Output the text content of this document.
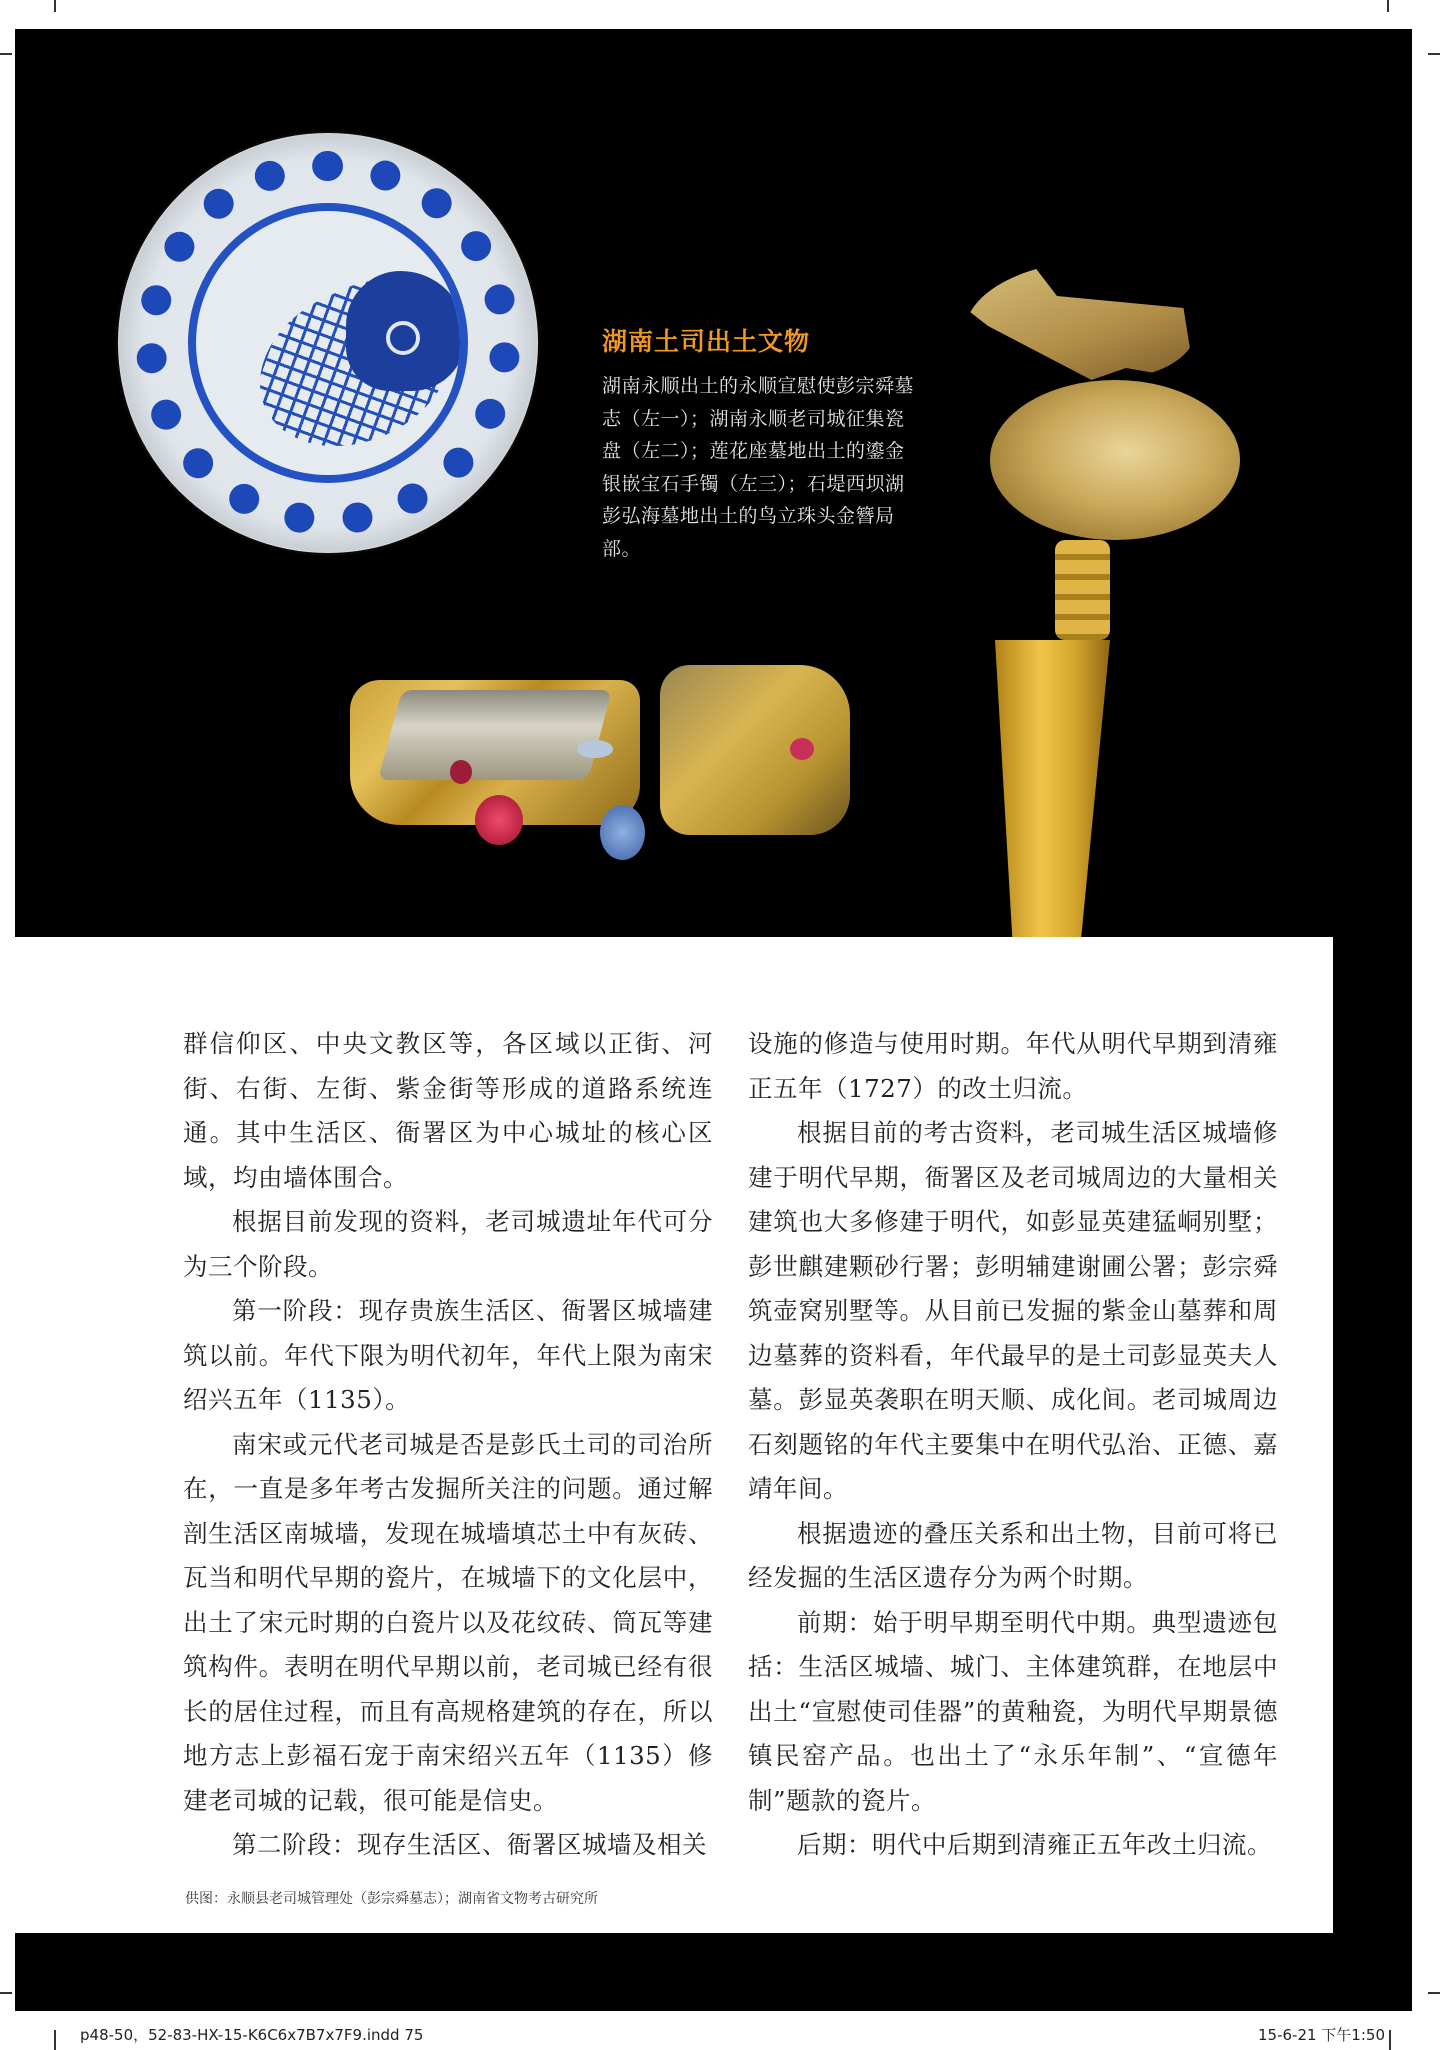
湖南土司出土文物
湖南永顺出土的永顺宣慰使彭宗舜墓志（左一）；湖南永顺老司城征集瓷盘（左二）；莲花座墓地出土的鎏金银嵌宝石手镯（左三）；石堤西坝湖彭弘海墓地出土的鸟立珠头金簪局部。

群信仰区、中央文教区等，各区域以正街、河街、右街、左街、紫金街等形成的道路系统连通。其中生活区、衙署区为中心城址的核心区域，均由墙体围合。

根据目前发现的资料，老司城遗址年代可分为三个阶段。

第一阶段：现存贵族生活区、衙署区城墙建筑以前。年代下限为明代初年，年代上限为南宋绍兴五年（1135）。

南宋或元代老司城是否是彭氏土司的司治所在，一直是多年考古发掘所关注的问题。通过解剖生活区南城墙，发现在城墙填芯土中有灰砖、瓦当和明代早期的瓷片，在城墙下的文化层中，出土了宋元时期的白瓷片以及花纹砖、筒瓦等建筑构件。表明在明代早期以前，老司城已经有很长的居住过程，而且有高规格建筑的存在，所以地方志上彭福石宠于南宋绍兴五年（1135）修建老司城的记载，很可能是信史。

第二阶段：现存生活区、衙署区城墙及相关

设施的修造与使用时期。年代从明代早期到清雍正五年（1727）的改土归流。

根据目前的考古资料，老司城生活区城墙修建于明代早期，衙署区及老司城周边的大量相关建筑也大多修建于明代，如彭显英建猛峒别墅；彭世麒建颗砂行署；彭明辅建谢圃公署；彭宗舜筑壶窝别墅等。从目前已发掘的紫金山墓葬和周边墓葬的资料看，年代最早的是土司彭显英夫人墓。彭显英袭职在明天顺、成化间。老司城周边石刻题铭的年代主要集中在明代弘治、正德、嘉靖年间。

根据遗迹的叠压关系和出土物，目前可将已经发掘的生活区遗存分为两个时期。

前期：始于明早期至明代中期。典型遗迹包括：生活区城墙、城门、主体建筑群，在地层中出土“宣慰使司佳器”的黄釉瓷，为明代早期景德镇民窑产品。也出土了“永乐年制”、“宣德年制”题款的瓷片。

后期：明代中后期到清雍正五年改土归流。

供图：永顺县老司城管理处（彭宗舜墓志）；湖南省文物考古研究所
p48-50，52-83-HX-15-K6C6x7B7x7F9.indd 75	15-6-21 下午1:50
